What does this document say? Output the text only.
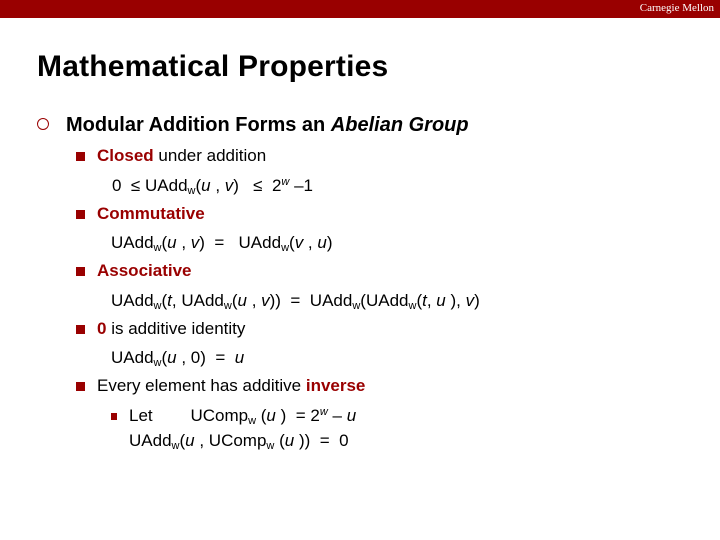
Carnegie Mellon
Mathematical Properties
Modular Addition Forms an Abelian Group
Closed under addition
0 ≤ UAdd$_w$(u , $v) \le 2^w$ –1
Commutative
UAdd$_w$(u , v)  =   UAdd$_w$(v , u)
Associative
UAdd$_w$(t, UAdd$_w$(u , v))  =  UAdd$_w$(UAdd$_w$(t, u ), v)
0 is additive identity
UAdd$_w$(u , 0)  =  u
Every element has additive inverse
Let UComp$_w$ (u )  = $2^w$ – u
UAdd$_w$(u , UComp$_w$ (u ))  =  0
